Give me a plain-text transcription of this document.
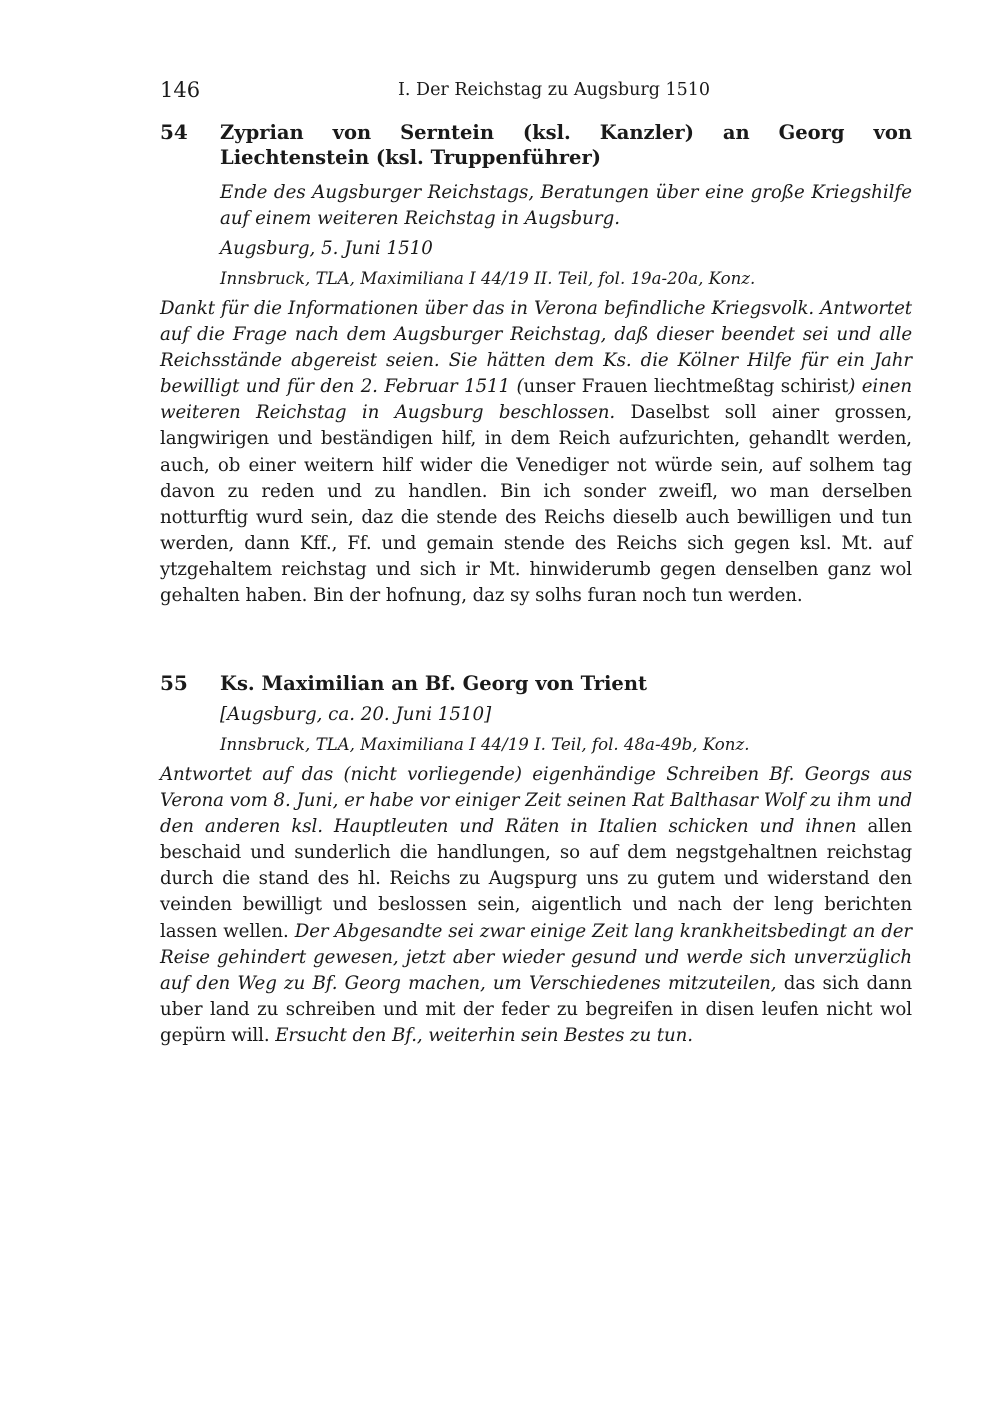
146	I. Der Reichstag zu Augsburg 1510
54 Zyprian von Serntein (ksl. Kanzler) an Georg von Liechtenstein (ksl. Truppenführer)
Ende des Augsburger Reichstags, Beratungen über eine große Kriegshilfe auf einem weiteren Reichstag in Augsburg.
Augsburg, 5. Juni 1510
Innsbruck, TLA, Maximiliana I 44/19 II. Teil, fol. 19a-20a, Konz.
Dankt für die Informationen über das in Verona befindliche Kriegsvolk. Antwortet auf die Frage nach dem Augsburger Reichstag, daß dieser beendet sei und alle Reichsstände abgereist seien. Sie hätten dem Ks. die Kölner Hilfe für ein Jahr bewilligt und für den 2. Februar 1511 (unser Frauen liechtmeßtag schirist) einen weiteren Reichstag in Augsburg beschlossen. Daselbst soll ainer grossen, langwirigen und beständigen hilf, in dem Reich aufzurichten, gehandlt werden, auch, ob einer weitern hilf wider die Venediger not würde sein, auf solhem tag davon zu reden und zu handlen. Bin ich sonder zweifl, wo man derselben notturftig wurd sein, daz die stende des Reichs dieselb auch bewilligen und tun werden, dann Kff., Ff. und gemain stende des Reichs sich gegen ksl. Mt. auf ytzgehaltem reichstag und sich ir Mt. hinwiderumb gegen denselben ganz wol gehalten haben. Bin der hofnung, daz sy solhs furan noch tun werden.
55 Ks. Maximilian an Bf. Georg von Trient
[Augsburg, ca. 20. Juni 1510]
Innsbruck, TLA, Maximiliana I 44/19 I. Teil, fol. 48a-49b, Konz.
Antwortet auf das (nicht vorliegende) eigenhändige Schreiben Bf. Georgs aus Verona vom 8. Juni, er habe vor einiger Zeit seinen Rat Balthasar Wolf zu ihm und den anderen ksl. Hauptleuten und Räten in Italien schicken und ihnen allen beschaid und sunderlich die handlungen, so auf dem negstgehaltnen reichstag durch die stand des hl. Reichs zu Augspurg uns zu gutem und widerstand den veinden bewilligt und beslossen sein, aigentlich und nach der leng berichten lassen wellen. Der Abgesandte sei zwar einige Zeit lang krankheitsbedingt an der Reise gehindert gewesen, jetzt aber wieder gesund und werde sich unverzüglich auf den Weg zu Bf. Georg machen, um Verschiedenes mitzuteilen, das sich dann uber land zu schreiben und mit der feder zu begreifen in disen leufen nicht wol gepürn will. Ersucht den Bf., weiterhin sein Bestes zu tun.
